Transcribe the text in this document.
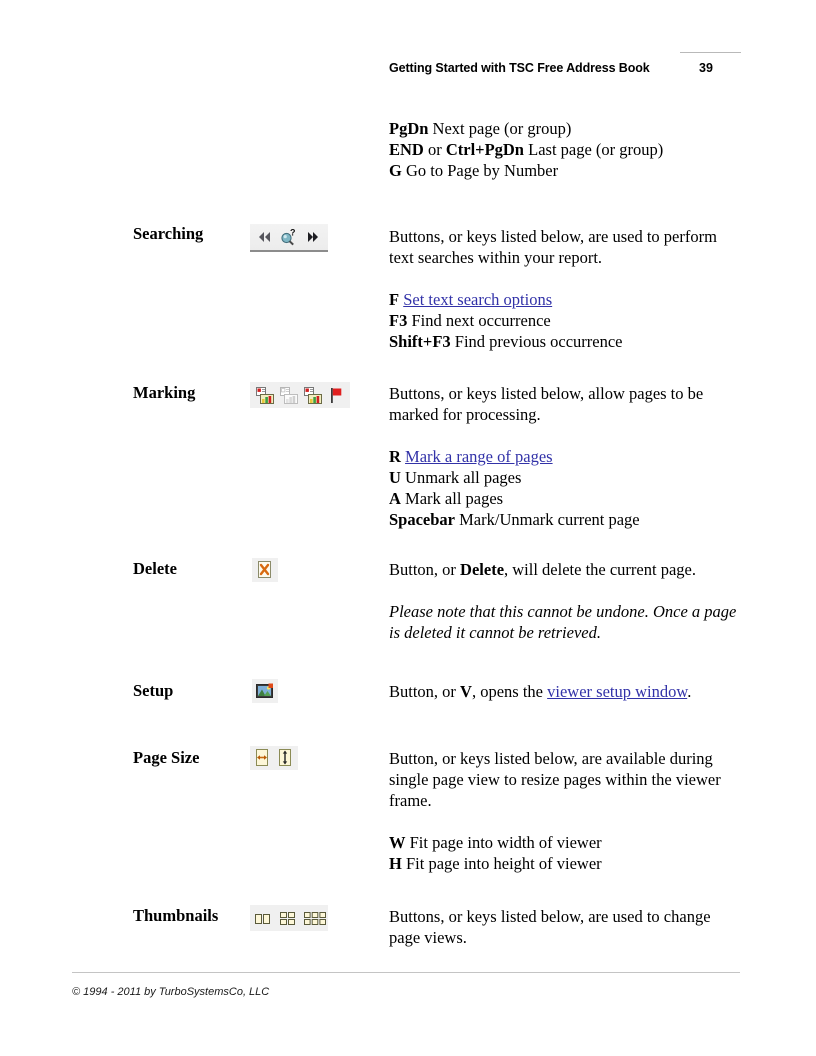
Getting Started with TSC Free Address Book	39
PgDn Next page (or group)
END or Ctrl+PgDn Last page (or group)
G Go to Page by Number
Searching	?	Buttons, or keys listed below, are used to perform text searches within your report.

F Set text search options

F3 Find next occurrence

Shift+F3 Find previous occurrence

Marking	Buttons, or keys listed below, allow pages to be marked for processing.

R Mark a range of pages

U Unmark all pages

A Mark all pages

Spacebar Mark/Unmark current page

Delete	Button, or Delete, will delete the current page.

Please note that this cannot be undone. Once a page is deleted it cannot be retrieved.

Setup	Button, or V, opens the viewer setup window.

Page Size	Button, or keys listed below, are available during single page view to resize pages within the viewer frame.

W Fit page into width of viewer

H Fit page into height of viewer

Thumbnails	Buttons, or keys listed below, are used to change page views.

© 1994 - 2011 by TurboSystemsCo, LLC
